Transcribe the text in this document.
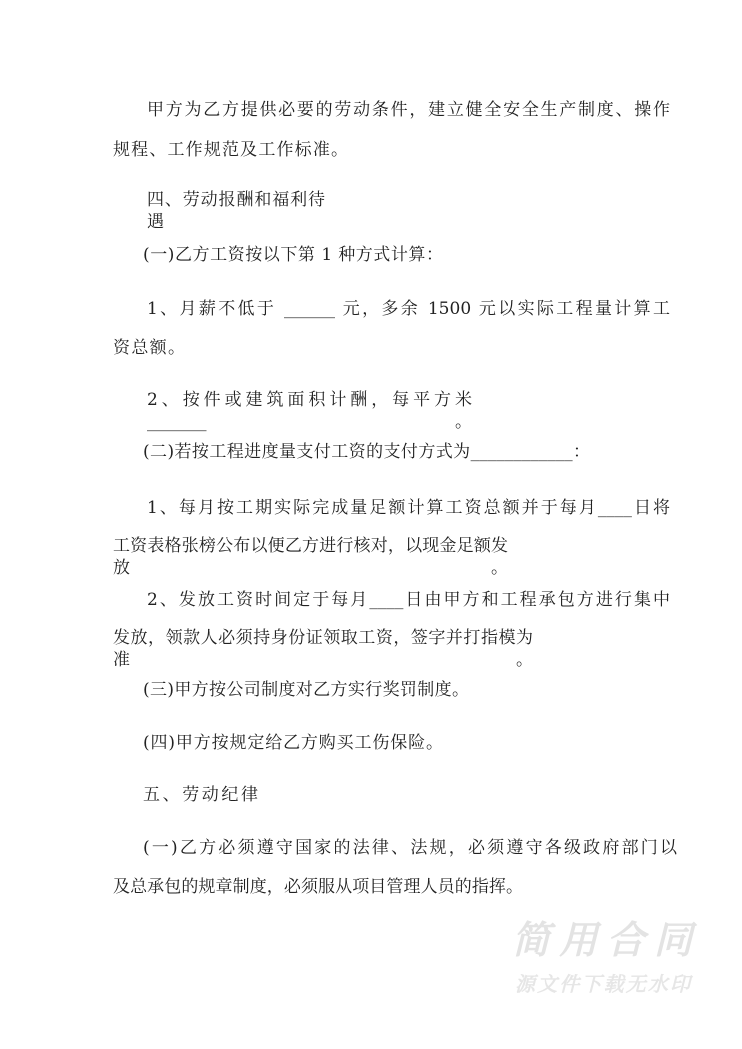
甲方为乙方提供必要的劳动条件，建立健全安全生产制度、操作
规程、工作规范及工作标准。
四、劳动报酬和福利待遇
(一)乙方工资按以下第 1 种方式计算：
1、月薪不低于 ______ 元，多余 1500 元以实际工程量计算工
资总额。
2、按件或建筑面积计酬，每平方米_______。
(二)若按工程进度量支付工资的支付方式为____________：
1、每月按工期实际完成量足额计算工资总额并于每月____日将
工资表格张榜公布以便乙方进行核对，以现金足额发放。
2、发放工资时间定于每月____日由甲方和工程承包方进行集中
发放，领款人必须持身份证领取工资，签字并打指模为准。
(三)甲方按公司制度对乙方实行奖罚制度。
(四)甲方按规定给乙方购买工伤保险。
五、劳动纪律
(一)乙方必须遵守国家的法律、法规，必须遵守各级政府部门以
及总承包的规章制度，必须服从项目管理人员的指挥。
简用合同
源文件下载无水印
